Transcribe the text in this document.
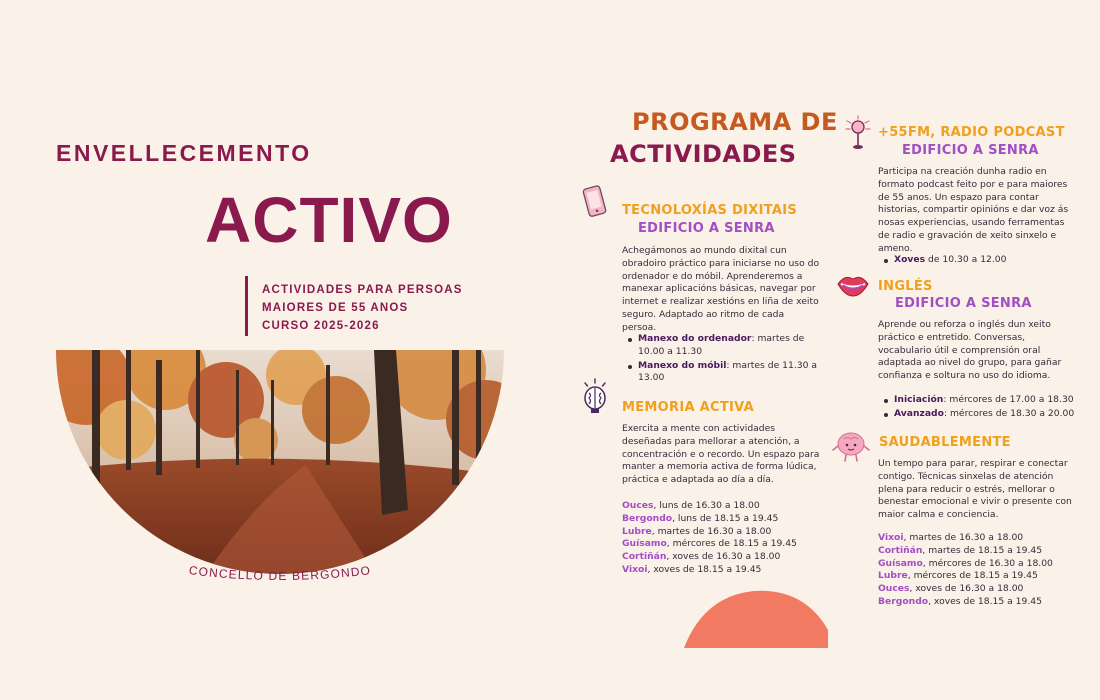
ENVELLECEMENTO
ACTIVO
ACTIVIDADES PARA PERSOAS
MAIORES DE 55 ANOS
CURSO 2025-2026
CONCELLO DE BERGONDO
PROGRAMA DE
ACTIVIDADES
TECNOLOXÍAS DIXITAIS
EDIFICIO A SENRA
Achegámonos ao mundo dixital cun obradoiro práctico para iniciarse no uso do ordenador e do móbil. Aprenderemos a manexar aplicacións básicas, navegar por internet e realizar xestións en liña de xeito seguro. Adaptado ao ritmo de cada persoa.
Manexo do ordenador: martes de 10.00 a 11.30
Manexo do móbil: martes de 11.30 a 13.00
MEMORIA ACTIVA
Exercita a mente con actividades deseñadas para mellorar a atención, a concentración e o recordo. Un espazo para manter a memoria activa de forma lúdica, práctica e adaptada ao día a día.
Ouces, luns de 16.30 a 18.00
Bergondo, luns de 18.15 a 19.45
Lubre, martes de 16.30 a 18.00
Guísamo, mércores de 18.15 a 19.45
Cortiñán, xoves de 16.30 a 18.00
Vixoi, xoves de 18.15 a 19.45
+55FM, RADIO PODCAST
EDIFICIO A SENRA
Participa na creación dunha radio en formato podcast feito por e para maiores de 55 anos. Un espazo para contar historias, compartir opinións e dar voz ás nosas experiencias, usando ferramentas de radio e gravación de xeito sinxelo e ameno.
Xoves de 10.30 a 12.00
INGLÉS
EDIFICIO A SENRA
Aprende ou reforza o inglés dun xeito práctico e entretido. Conversas, vocabulario útil e comprensión oral adaptada ao nivel do grupo, para gañar confianza e soltura no uso do idioma.
Iniciación: mércores de 17.00 a 18.30
Avanzado: mércores de 18.30 a 20.00
SAUDABLEMENTE
Un tempo para parar, respirar e conectar contigo. Técnicas sinxelas de atención plena para reducir o estrés, mellorar o benestar emocional e vivir o presente con maior calma e conciencia.
Vixoi, martes de 16.30 a 18.00
Cortiñán, martes de 18.15 a 19.45
Guísamo, mércores de 16.30 a 18.00
Lubre, mércores de 18.15 a 19.45
Ouces, xoves de 16.30 a 18.00
Bergondo, xoves de 18.15 a 19.45
